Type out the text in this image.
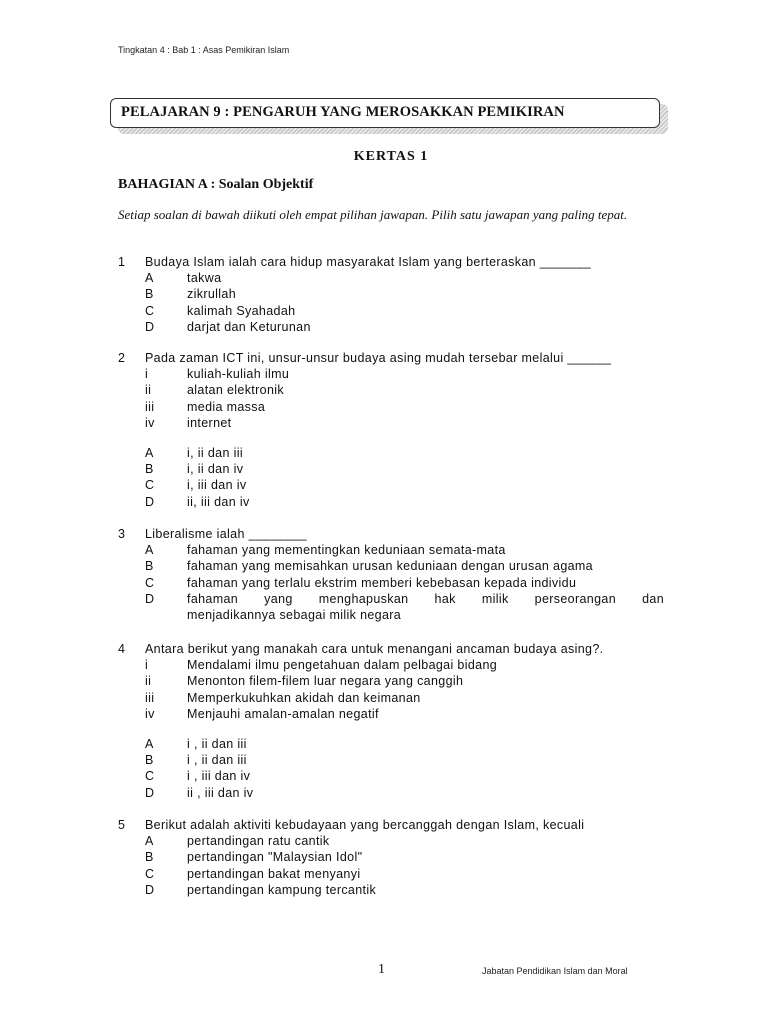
Tingkatan 4 : Bab 1 : Asas Pemikiran Islam
PELAJARAN 9 : PENGARUH YANG MEROSAKKAN PEMIKIRAN
KERTAS 1
BAHAGIAN A : Soalan Objektif
Setiap soalan di bawah diikuti oleh empat pilihan jawapan. Pilih satu jawapan yang paling tepat.
1	Budaya Islam ialah cara hidup masyarakat Islam yang berteraskan _______
A	takwa
B	zikrullah
C	kalimah Syahadah
D	darjat dan Keturunan
2	Pada zaman ICT ini, unsur-unsur budaya asing mudah tersebar melalui ______
i	kuliah-kuliah ilmu
ii	alatan elektronik
iii	media massa
iv	internet
A	i, ii dan iii
B	i, ii dan iv
C	i, iii dan iv
D	ii, iii dan iv
3	Liberalisme ialah ________
A	fahaman yang mementingkan keduniaan semata-mata
B	fahaman yang memisahkan urusan keduniaan dengan urusan agama
C	fahaman yang terlalu ekstrim memberi kebebasan kepada individu
D	fahaman yang menghapuskan hak milik perseorangan dan
menjadikannya sebagai milik negara
4	Antara berikut yang manakah cara untuk menangani ancaman budaya asing?.
i	Mendalami ilmu pengetahuan dalam pelbagai bidang
ii	Menonton filem-filem luar negara yang canggih
iii	Memperkukuhkan akidah dan keimanan
iv	Menjauhi amalan-amalan negatif
A	i , ii dan iii
B	i , ii dan iii
C	i , iii dan iv
D	ii , iii dan iv
5	Berikut adalah aktiviti kebudayaan yang bercanggah dengan Islam, kecuali
A	pertandingan ratu cantik
B	pertandingan "Malaysian Idol"
C	pertandingan bakat menyanyi
D	pertandingan kampung tercantik
1	Jabatan Pendidikan Islam dan Moral
